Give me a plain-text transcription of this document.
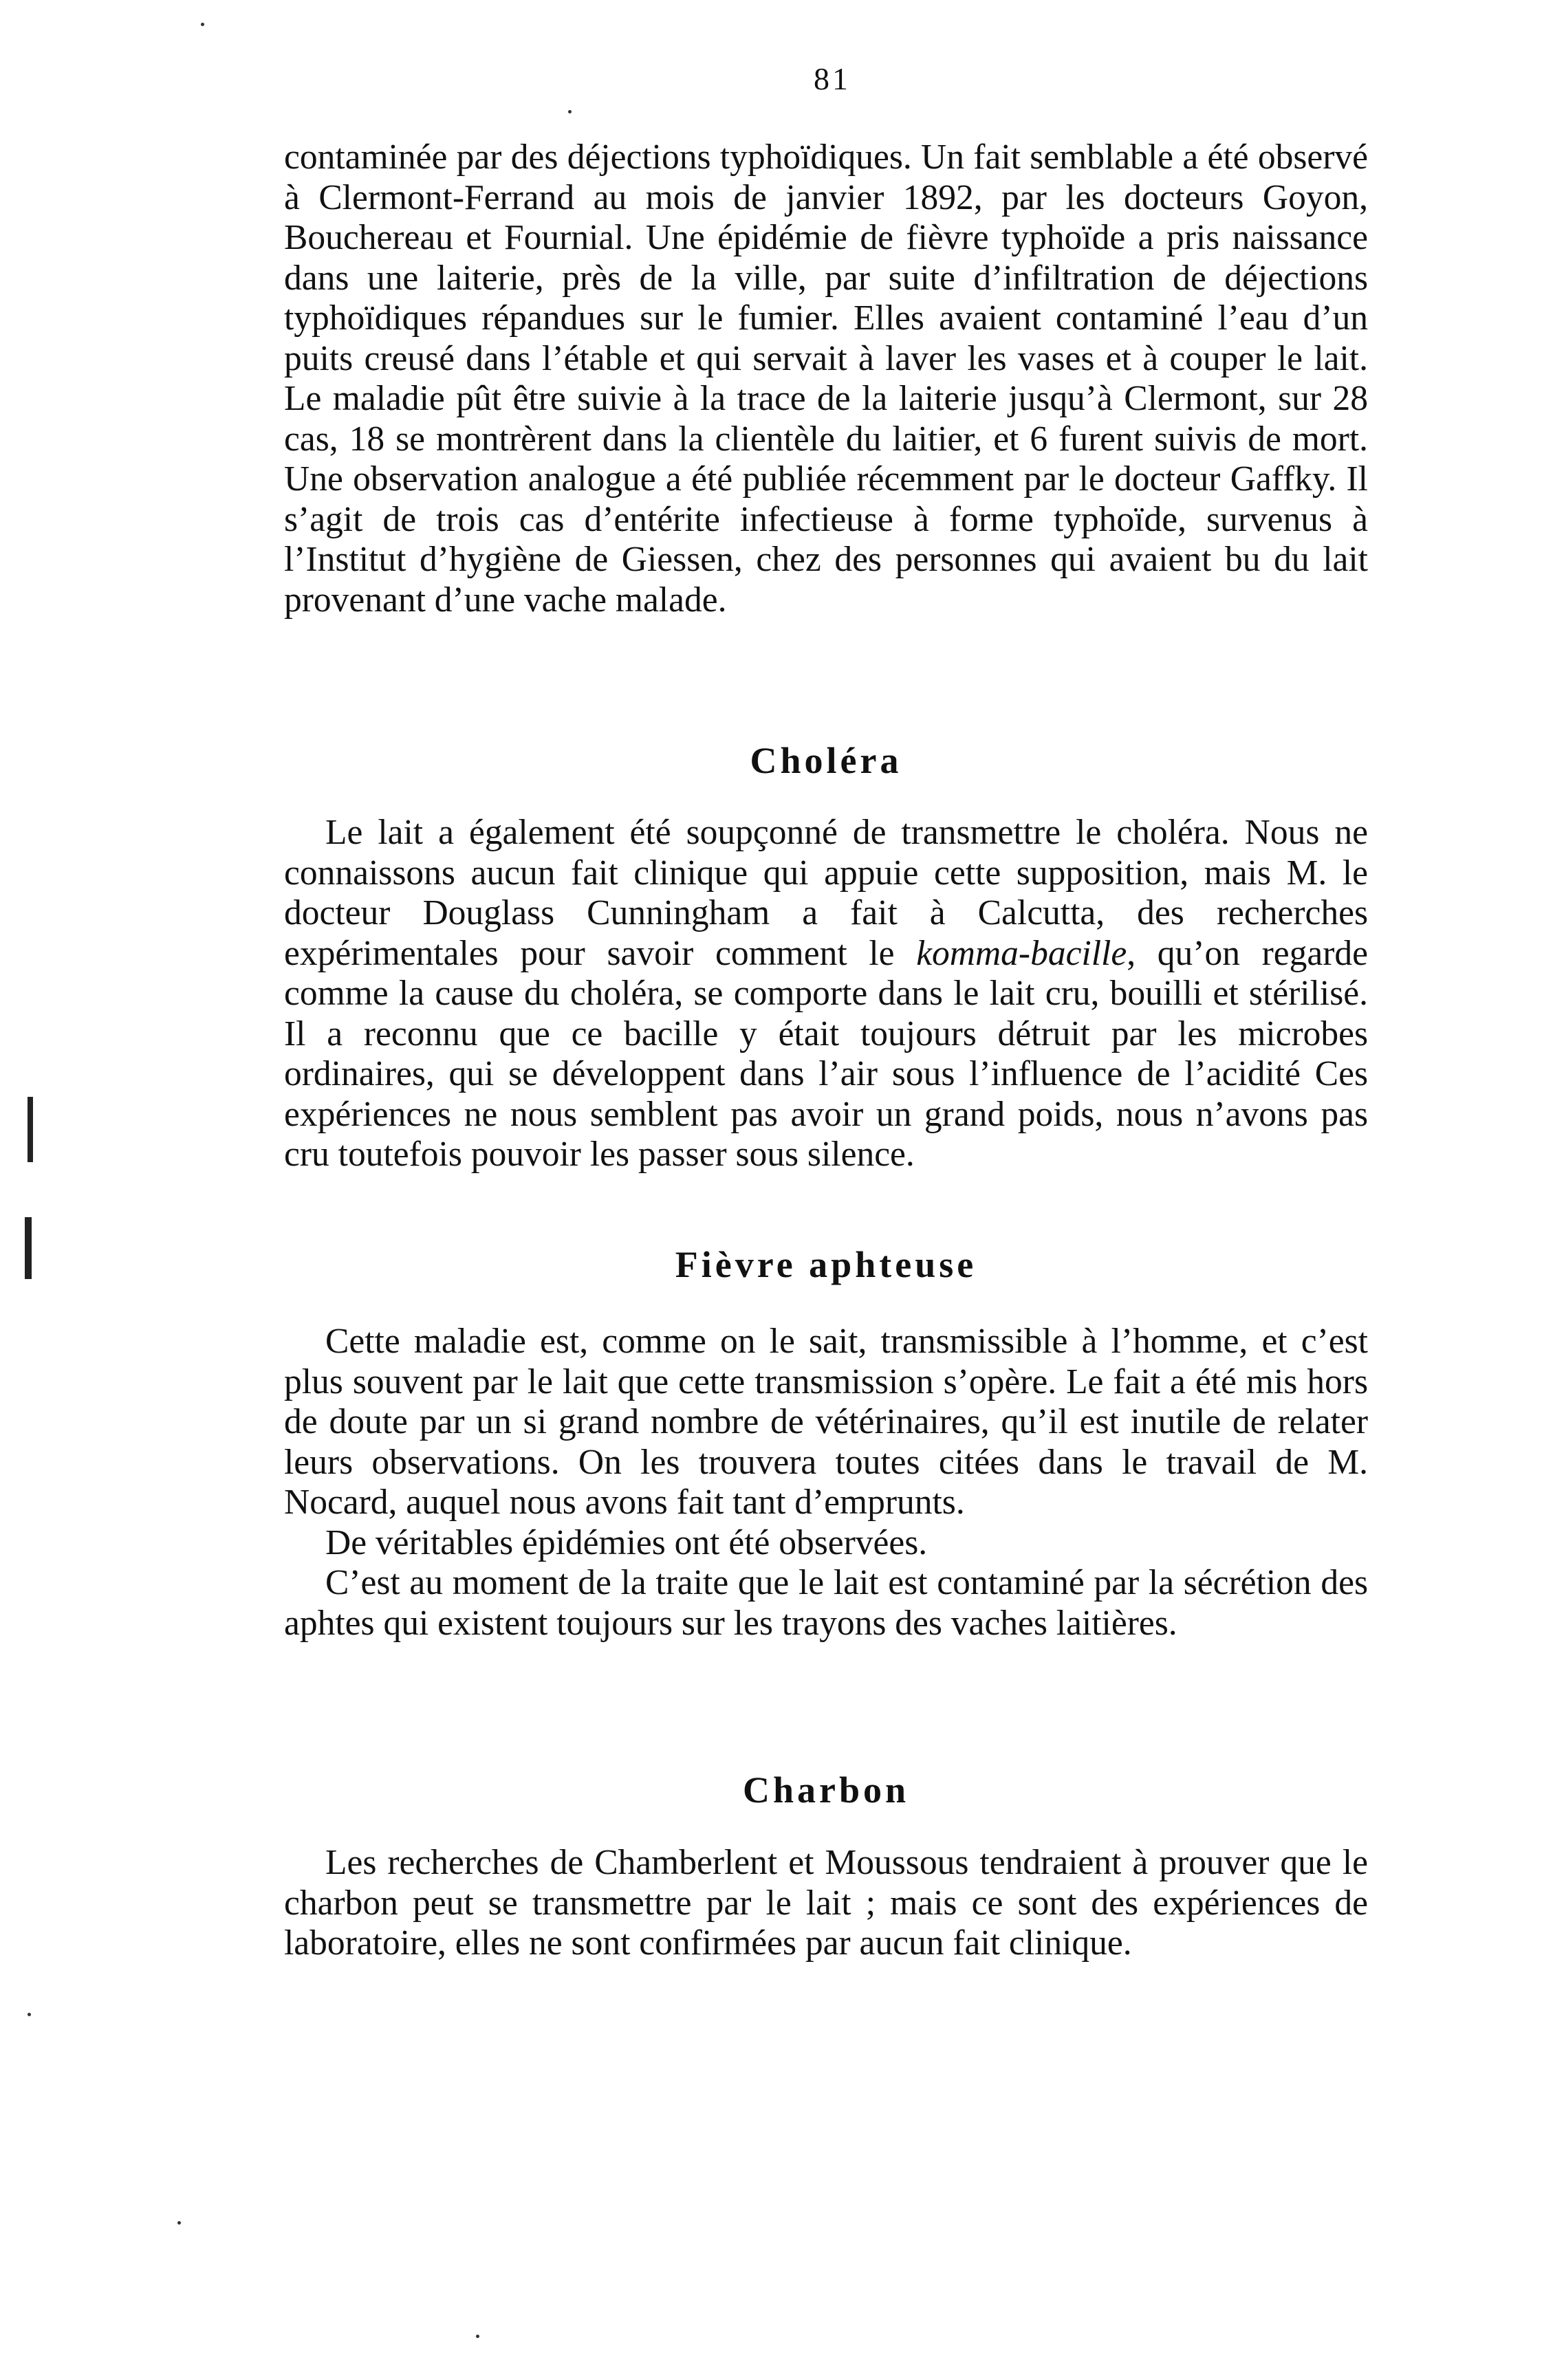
81

contaminée par des déjections typhoïdiques. Un fait semblable a été observé à Clermont-Ferrand au mois de janvier 1892, par les docteurs Goyon, Bouchereau et Fournial. Une épidémie de fièvre typhoïde a pris naissance dans une laiterie, près de la ville, par suite d’infiltration de déjections typhoïdiques répandues sur le fumier. Elles avaient contaminé l’eau d’un puits creusé dans l’étable et qui servait à laver les vases et à couper le lait. Le maladie pût être suivie à la trace de la laiterie jusqu’à Clermont, sur 28 cas, 18 se montrèrent dans la clientèle du laitier, et 6 furent suivis de mort. Une observation analogue a été publiée récemment par le docteur Gaffky. Il s’agit de trois cas d’entérite infectieuse à forme typhoïde, survenus à l’Institut d’hygiène de Giessen, chez des personnes qui avaient bu du lait provenant d’une vache malade.

Choléra

Le lait a également été soupçonné de transmettre le choléra. Nous ne connaissons aucun fait clinique qui appuie cette supposition, mais M. le docteur Douglass Cunningham a fait à Calcutta, des recherches expérimentales pour savoir comment le komma-bacille, qu’on regarde comme la cause du choléra, se comporte dans le lait cru, bouilli et stérilisé. Il a reconnu que ce bacille y était toujours détruit par les microbes ordinaires, qui se développent dans l’air sous l’influence de l’acidité Ces expériences ne nous semblent pas avoir un grand poids, nous n’avons pas cru toutefois pouvoir les passer sous silence.

Fièvre aphteuse

Cette maladie est, comme on le sait, transmissible à l’homme, et c’est plus souvent par le lait que cette transmission s’opère. Le fait a été mis hors de doute par un si grand nombre de vétérinaires, qu’il est inutile de relater leurs observations. On les trouvera toutes citées dans le travail de M. Nocard, auquel nous avons fait tant d’emprunts.

De véritables épidémies ont été observées.

C’est au moment de la traite que le lait est contaminé par la sécrétion des aphtes qui existent toujours sur les trayons des vaches laitières.

Charbon

Les recherches de Chamberlent et Moussous tendraient à prouver que le charbon peut se transmettre par le lait ; mais ce sont des expériences de laboratoire, elles ne sont confirmées par aucun fait clinique.
